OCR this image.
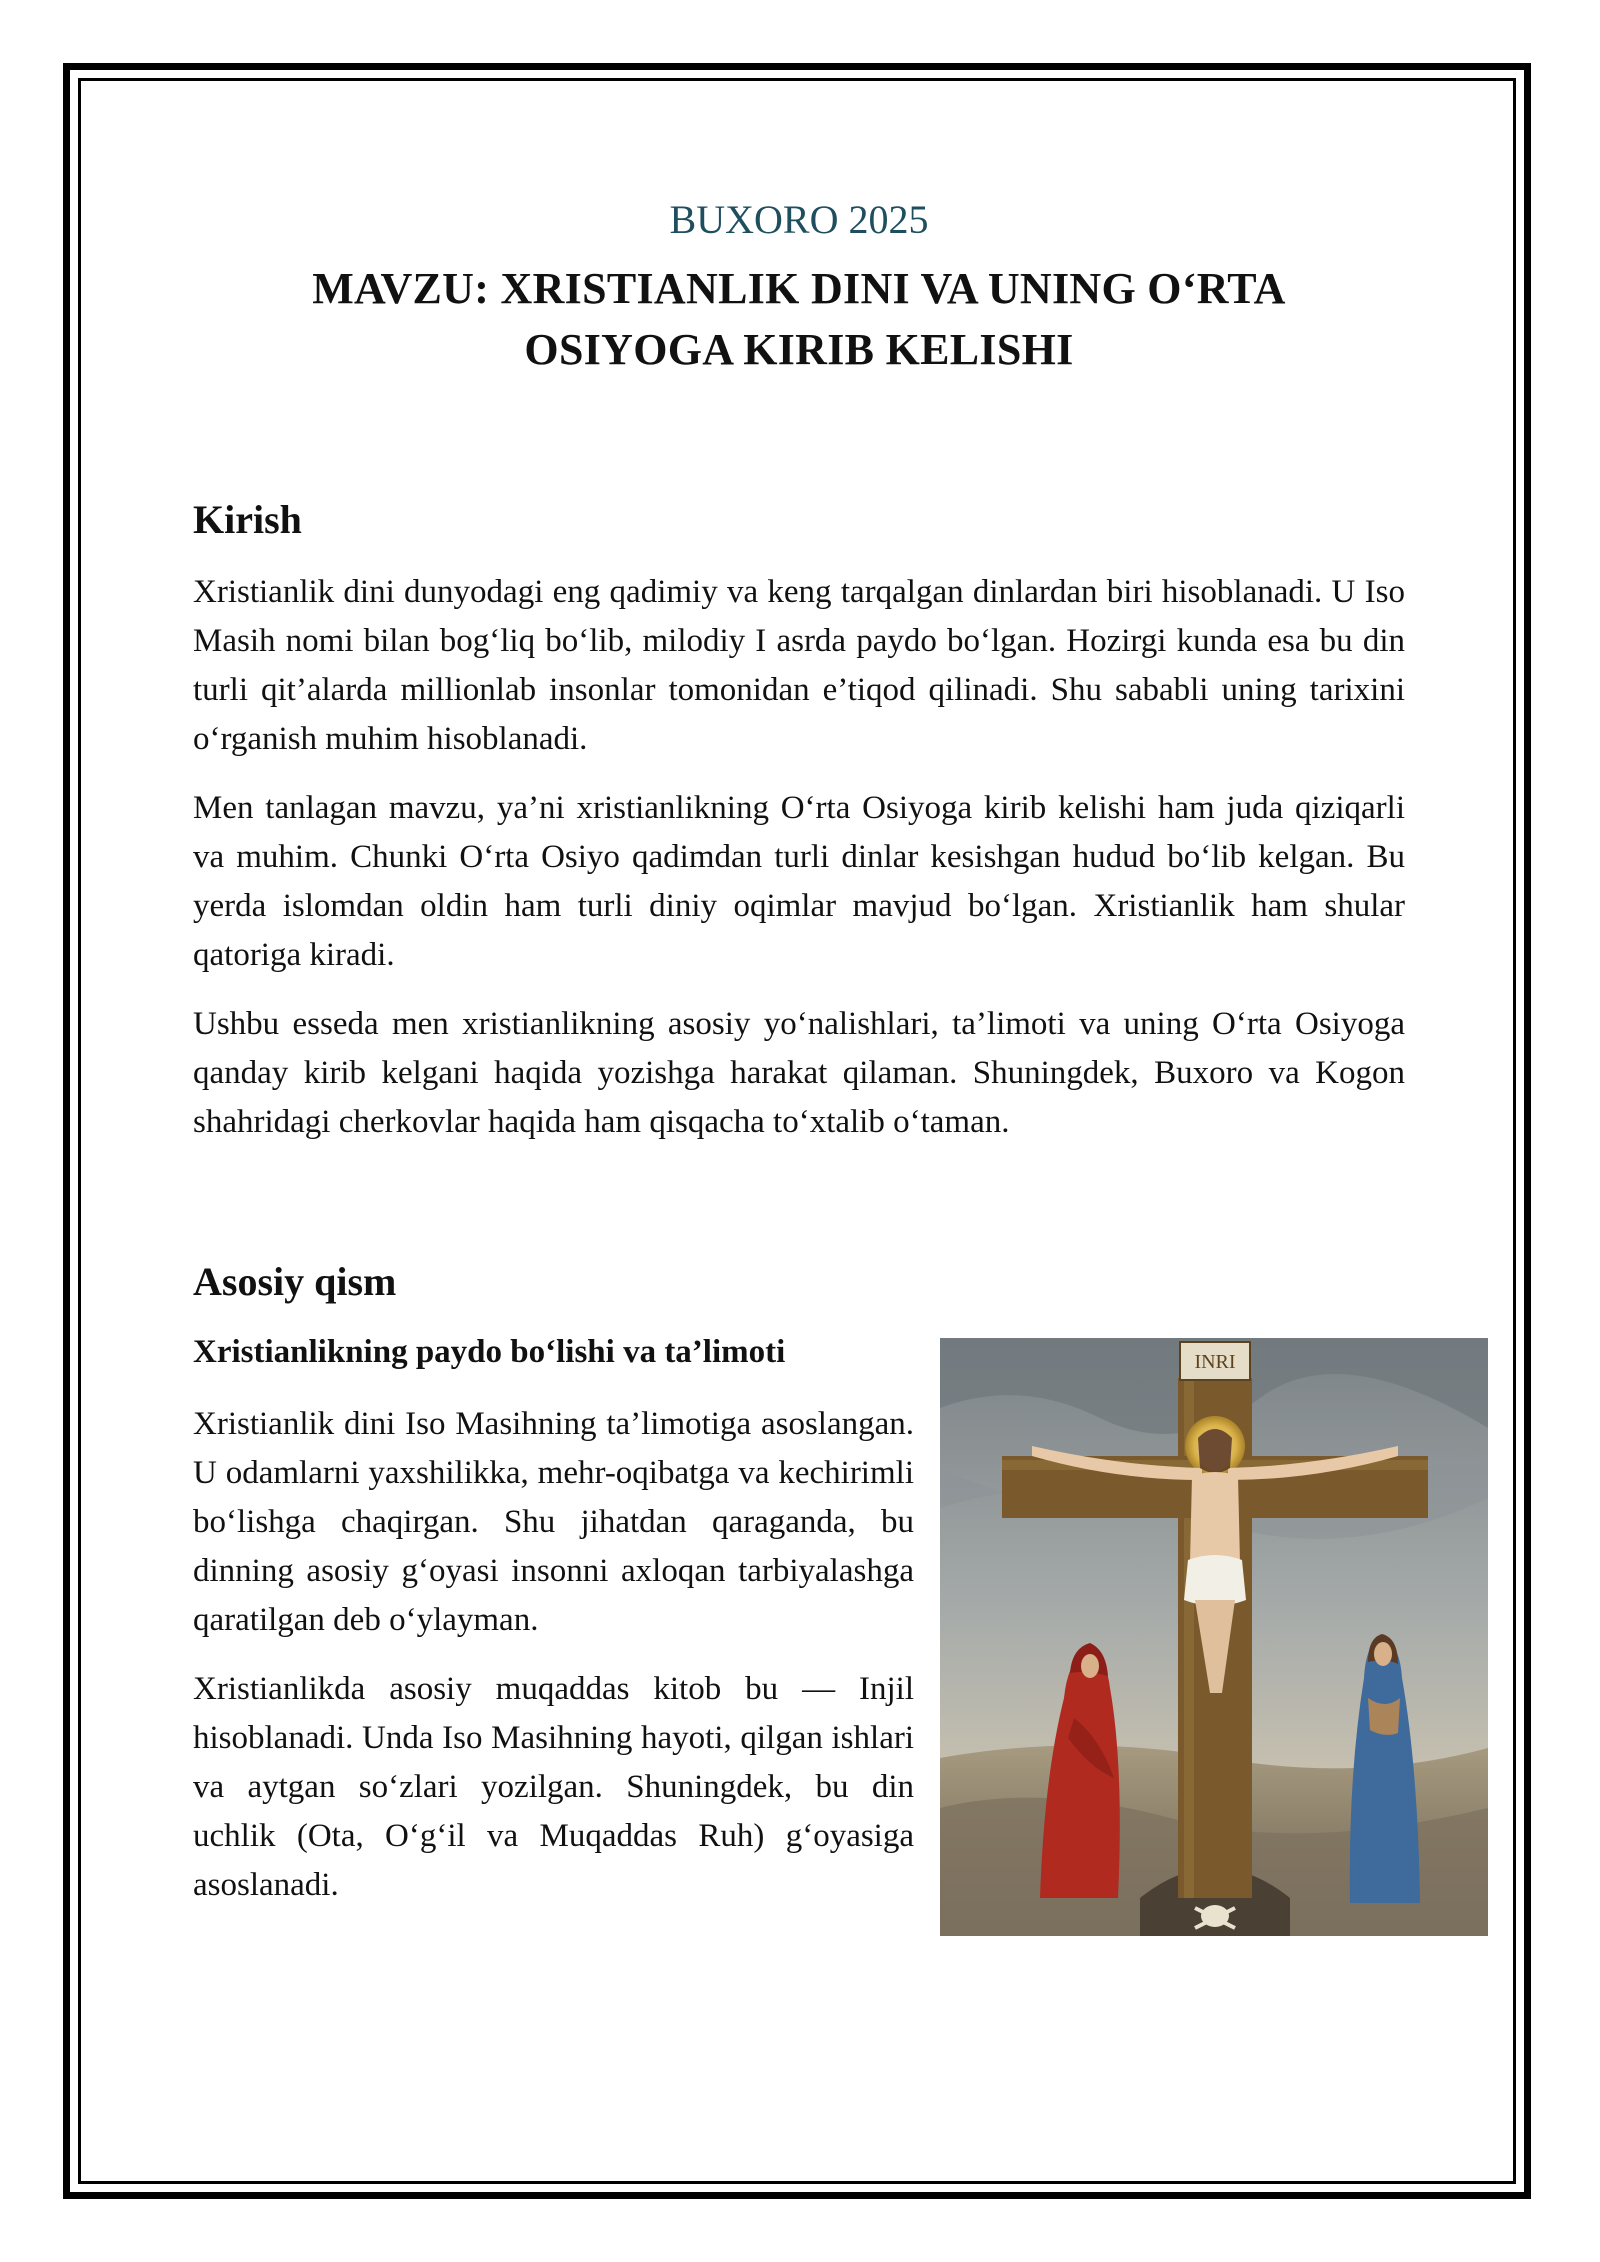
BUXORO 2025

MAVZU: XRISTIANLIK DINI VA UNING O‘RTA
OSIYOGA KIRIB KELISHI
Kirish

Xristianlik dini dunyodagi eng qadimiy va keng tarqalgan dinlardan biri hisoblanadi. U Iso Masih nomi bilan bog‘liq bo‘lib, milodiy I asrda paydo bo‘lgan. Hozirgi kunda esa bu din turli qit’alarda millionlab insonlar tomonidan e’tiqod qilinadi. Shu sababli uning tarixini o‘rganish muhim hisoblanadi.

Men tanlagan mavzu, ya’ni xristianlikning O‘rta Osiyoga kirib kelishi ham juda qiziqarli va muhim. Chunki O‘rta Osiyo qadimdan turli dinlar kesishgan hudud bo‘lib kelgan. Bu yerda islomdan oldin ham turli diniy oqimlar mavjud bo‘lgan. Xristianlik ham shular qatoriga kiradi.

Ushbu esseda men xristianlikning asosiy yo‘nalishlari, ta’limoti va uning O‘rta Osiyoga qanday kirib kelgani haqida yozishga harakat qilaman. Shuningdek, Buxoro va Kogon shahridagi cherkovlar haqida ham qisqacha to‘xtalib o‘taman.

Asosiy qism
Xristianlikning paydo bo‘lishi va ta’limoti

Xristianlik dini Iso Masihning ta’limotiga asoslangan. U odamlarni yaxshilikka, mehr-oqibatga va kechirimli bo‘lishga chaqirgan. Shu jihatdan qaraganda, bu dinning asosiy g‘oyasi insonni axloqan tarbiyalashga qaratilgan deb o‘ylayman.

Xristianlikda asosiy muqaddas kitob bu — Injil hisoblanadi. Unda Iso Masihning hayoti, qilgan ishlari va aytgan so‘zlari yozilgan. Shuningdek, bu din uchlik (Ota, O‘g‘il va Muqaddas Ruh) g‘oyasiga asoslanadi.

INRI
